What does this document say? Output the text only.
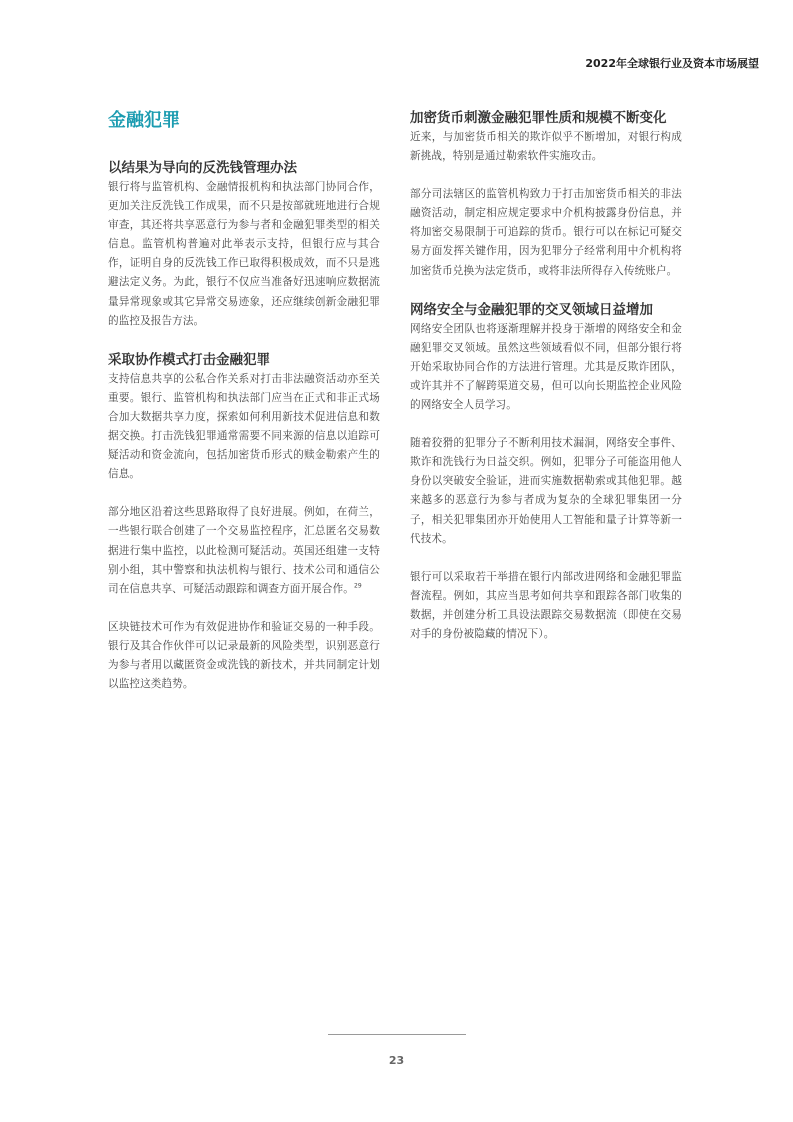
2022年全球银行业及资本市场展望
金融犯罪
以结果为导向的反洗钱管理办法

银行将与监管机构、金融情报机构和执法部门协同合作，更加关注反洗钱工作成果，而不只是按部就班地进行合规审查，其还将共享恶意行为参与者和金融犯罪类型的相关信息。监管机构普遍对此举表示支持，但银行应与其合作，证明自身的反洗钱工作已取得积极成效，而不只是逃避法定义务。为此，银行不仅应当准备好迅速响应数据流量异常现象或其它异常交易迹象，还应继续创新金融犯罪的监控及报告方法。

采取协作模式打击金融犯罪

支持信息共享的公私合作关系对打击非法融资活动亦至关重要。银行、监管机构和执法部门应当在正式和非正式场合加大数据共享力度，探索如何利用新技术促进信息和数据交换。打击洗钱犯罪通常需要不同来源的信息以追踪可疑活动和资金流向，包括加密货币形式的赎金勒索产生的信息。

部分地区沿着这些思路取得了良好进展。例如，在荷兰，一些银行联合创建了一个交易监控程序，汇总匿名交易数据进行集中监控，以此检测可疑活动。英国还组建一支特别小组，其中警察和执法机构与银行、技术公司和通信公司在信息共享、可疑活动跟踪和调查方面开展合作。$^{29}$

区块链技术可作为有效促进协作和验证交易的一种手段。银行及其合作伙伴可以记录最新的风险类型，识别恶意行为参与者用以藏匿资金或洗钱的新技术，并共同制定计划以监控这类趋势。

加密货币刺激金融犯罪性质和规模不断变化

近来，与加密货币相关的欺诈似乎不断增加，对银行构成新挑战，特别是通过勒索软件实施攻击。

部分司法辖区的监管机构致力于打击加密货币相关的非法融资活动，制定相应规定要求中介机构披露身份信息，并将加密交易限制于可追踪的货币。银行可以在标记可疑交易方面发挥关键作用，因为犯罪分子经常利用中介机构将加密货币兑换为法定货币，或将非法所得存入传统账户。

网络安全与金融犯罪的交叉领域日益增加

网络安全团队也将逐渐理解并投身于渐增的网络安全和金融犯罪交叉领域。虽然这些领域看似不同，但部分银行将开始采取协同合作的方法进行管理。尤其是反欺诈团队，或许其并不了解跨渠道交易，但可以向长期监控企业风险的网络安全人员学习。

随着狡猾的犯罪分子不断利用技术漏洞，网络安全事件、欺诈和洗钱行为日益交织。例如，犯罪分子可能盗用他人身份以突破安全验证，进而实施数据勒索或其他犯罪。越来越多的恶意行为参与者成为复杂的全球犯罪集团一分子，相关犯罪集团亦开始使用人工智能和量子计算等新一代技术。

银行可以采取若干举措在银行内部改进网络和金融犯罪监督流程。例如，其应当思考如何共享和跟踪各部门收集的数据，并创建分析工具设法跟踪交易数据流（即使在交易对手的身份被隐藏的情况下）。

23
